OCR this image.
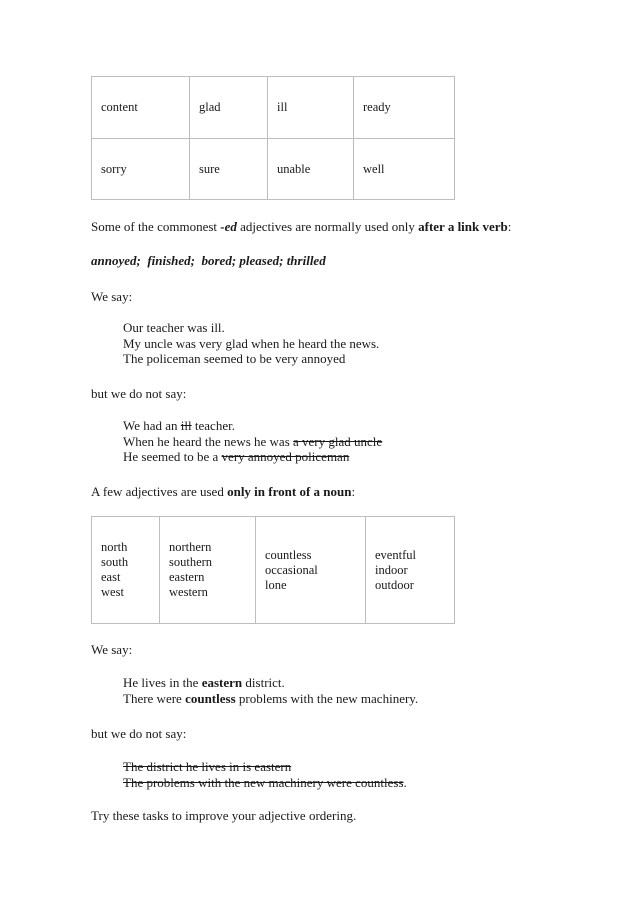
content	glad	ill	ready
sorry	sure	unable	well
Some of the commonest -ed adjectives are normally used only after a link verb:
annoyed;  finished;  bored; pleased; thrilled
We say:
Our teacher was ill.
My uncle was very glad when he heard the news.
The policeman seemed to be very annoyed
but we do not say:
We had an ill teacher.
When he heard the news he was a very glad uncle
He seemed to be a very annoyed policeman
A few adjectives are used only in front of a noun:
north
south
east
west

northern
southern
eastern
western

countless
occasional
lone

eventful
indoor
outdoor
We say:
He lives in the eastern district.
There were countless problems with the new machinery.
but we do not say:
The district he lives in is eastern
The problems with the new machinery were countless.
Try these tasks to improve your adjective ordering.
